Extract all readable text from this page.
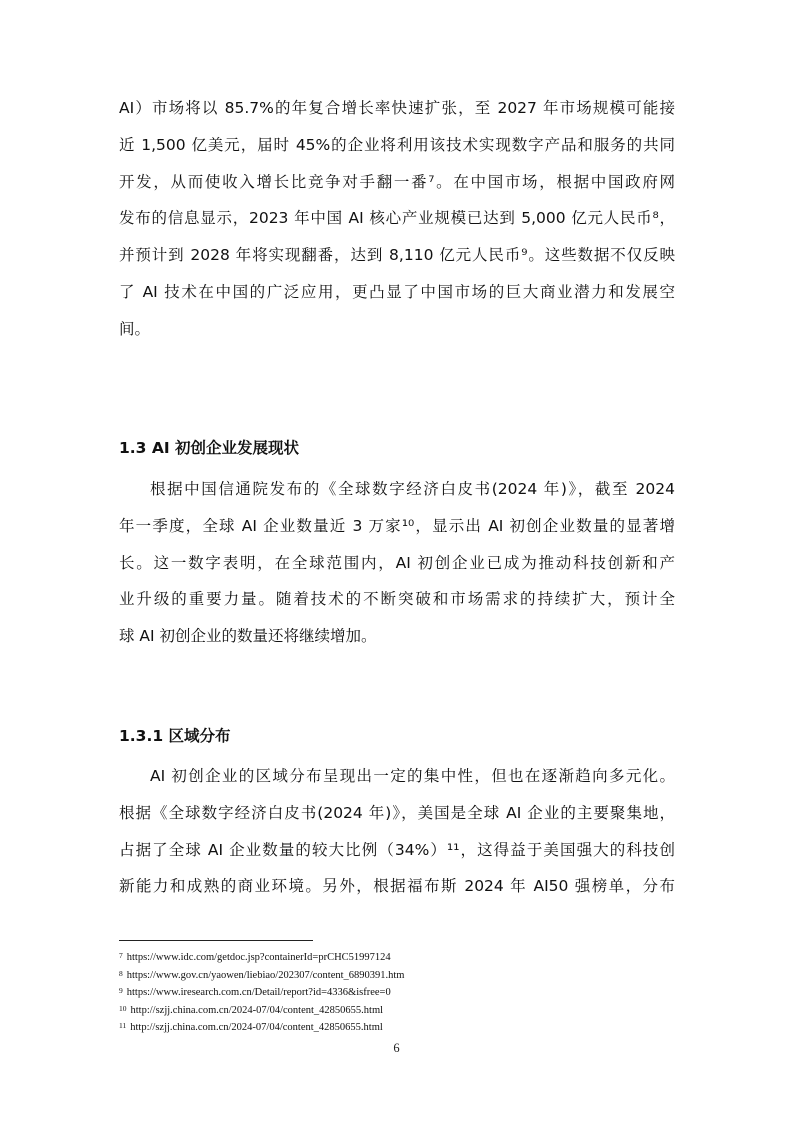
AI）市场将以 85.7%的年复合增长率快速扩张，至 2027 年市场规模可能接
近 1,500 亿美元，届时 45%的企业将利用该技术实现数字产品和服务的共同
开发，从而使收入增长比竞争对手翻一番⁷。在中国市场，根据中国政府网
发布的信息显示，2023 年中国 AI 核心产业规模已达到 5,000 亿元人民币⁸，
并预计到 2028 年将实现翻番，达到 8,110 亿元人民币⁹。这些数据不仅反映
了 AI 技术在中国的广泛应用，更凸显了中国市场的巨大商业潜力和发展空
间。
1.3 AI 初创企业发展现状
根据中国信通院发布的《全球数字经济白皮书(2024 年)》，截至 2024
年一季度，全球 AI 企业数量近 3 万家¹⁰，显示出 AI 初创企业数量的显著增
长。这一数字表明，在全球范围内，AI 初创企业已成为推动科技创新和产
业升级的重要力量。随着技术的不断突破和市场需求的持续扩大，预计全
球 AI 初创企业的数量还将继续增加。
1.3.1 区域分布
AI 初创企业的区域分布呈现出一定的集中性，但也在逐渐趋向多元化。
根据《全球数字经济白皮书(2024 年)》，美国是全球 AI 企业的主要聚集地，
占据了全球 AI 企业数量的较大比例（34%）¹¹，这得益于美国强大的科技创
新能力和成熟的商业环境。另外，根据福布斯 2024 年 AI50 强榜单，分布
7 https://www.idc.com/getdoc.jsp?containerId=prCHC51997124
8 https://www.gov.cn/yaowen/liebiao/202307/content_6890391.htm
9 https://www.iresearch.com.cn/Detail/report?id=4336&isfree=0
10 http://szjj.china.com.cn/2024-07/04/content_42850655.html
11 http://szjj.china.com.cn/2024-07/04/content_42850655.html
6
